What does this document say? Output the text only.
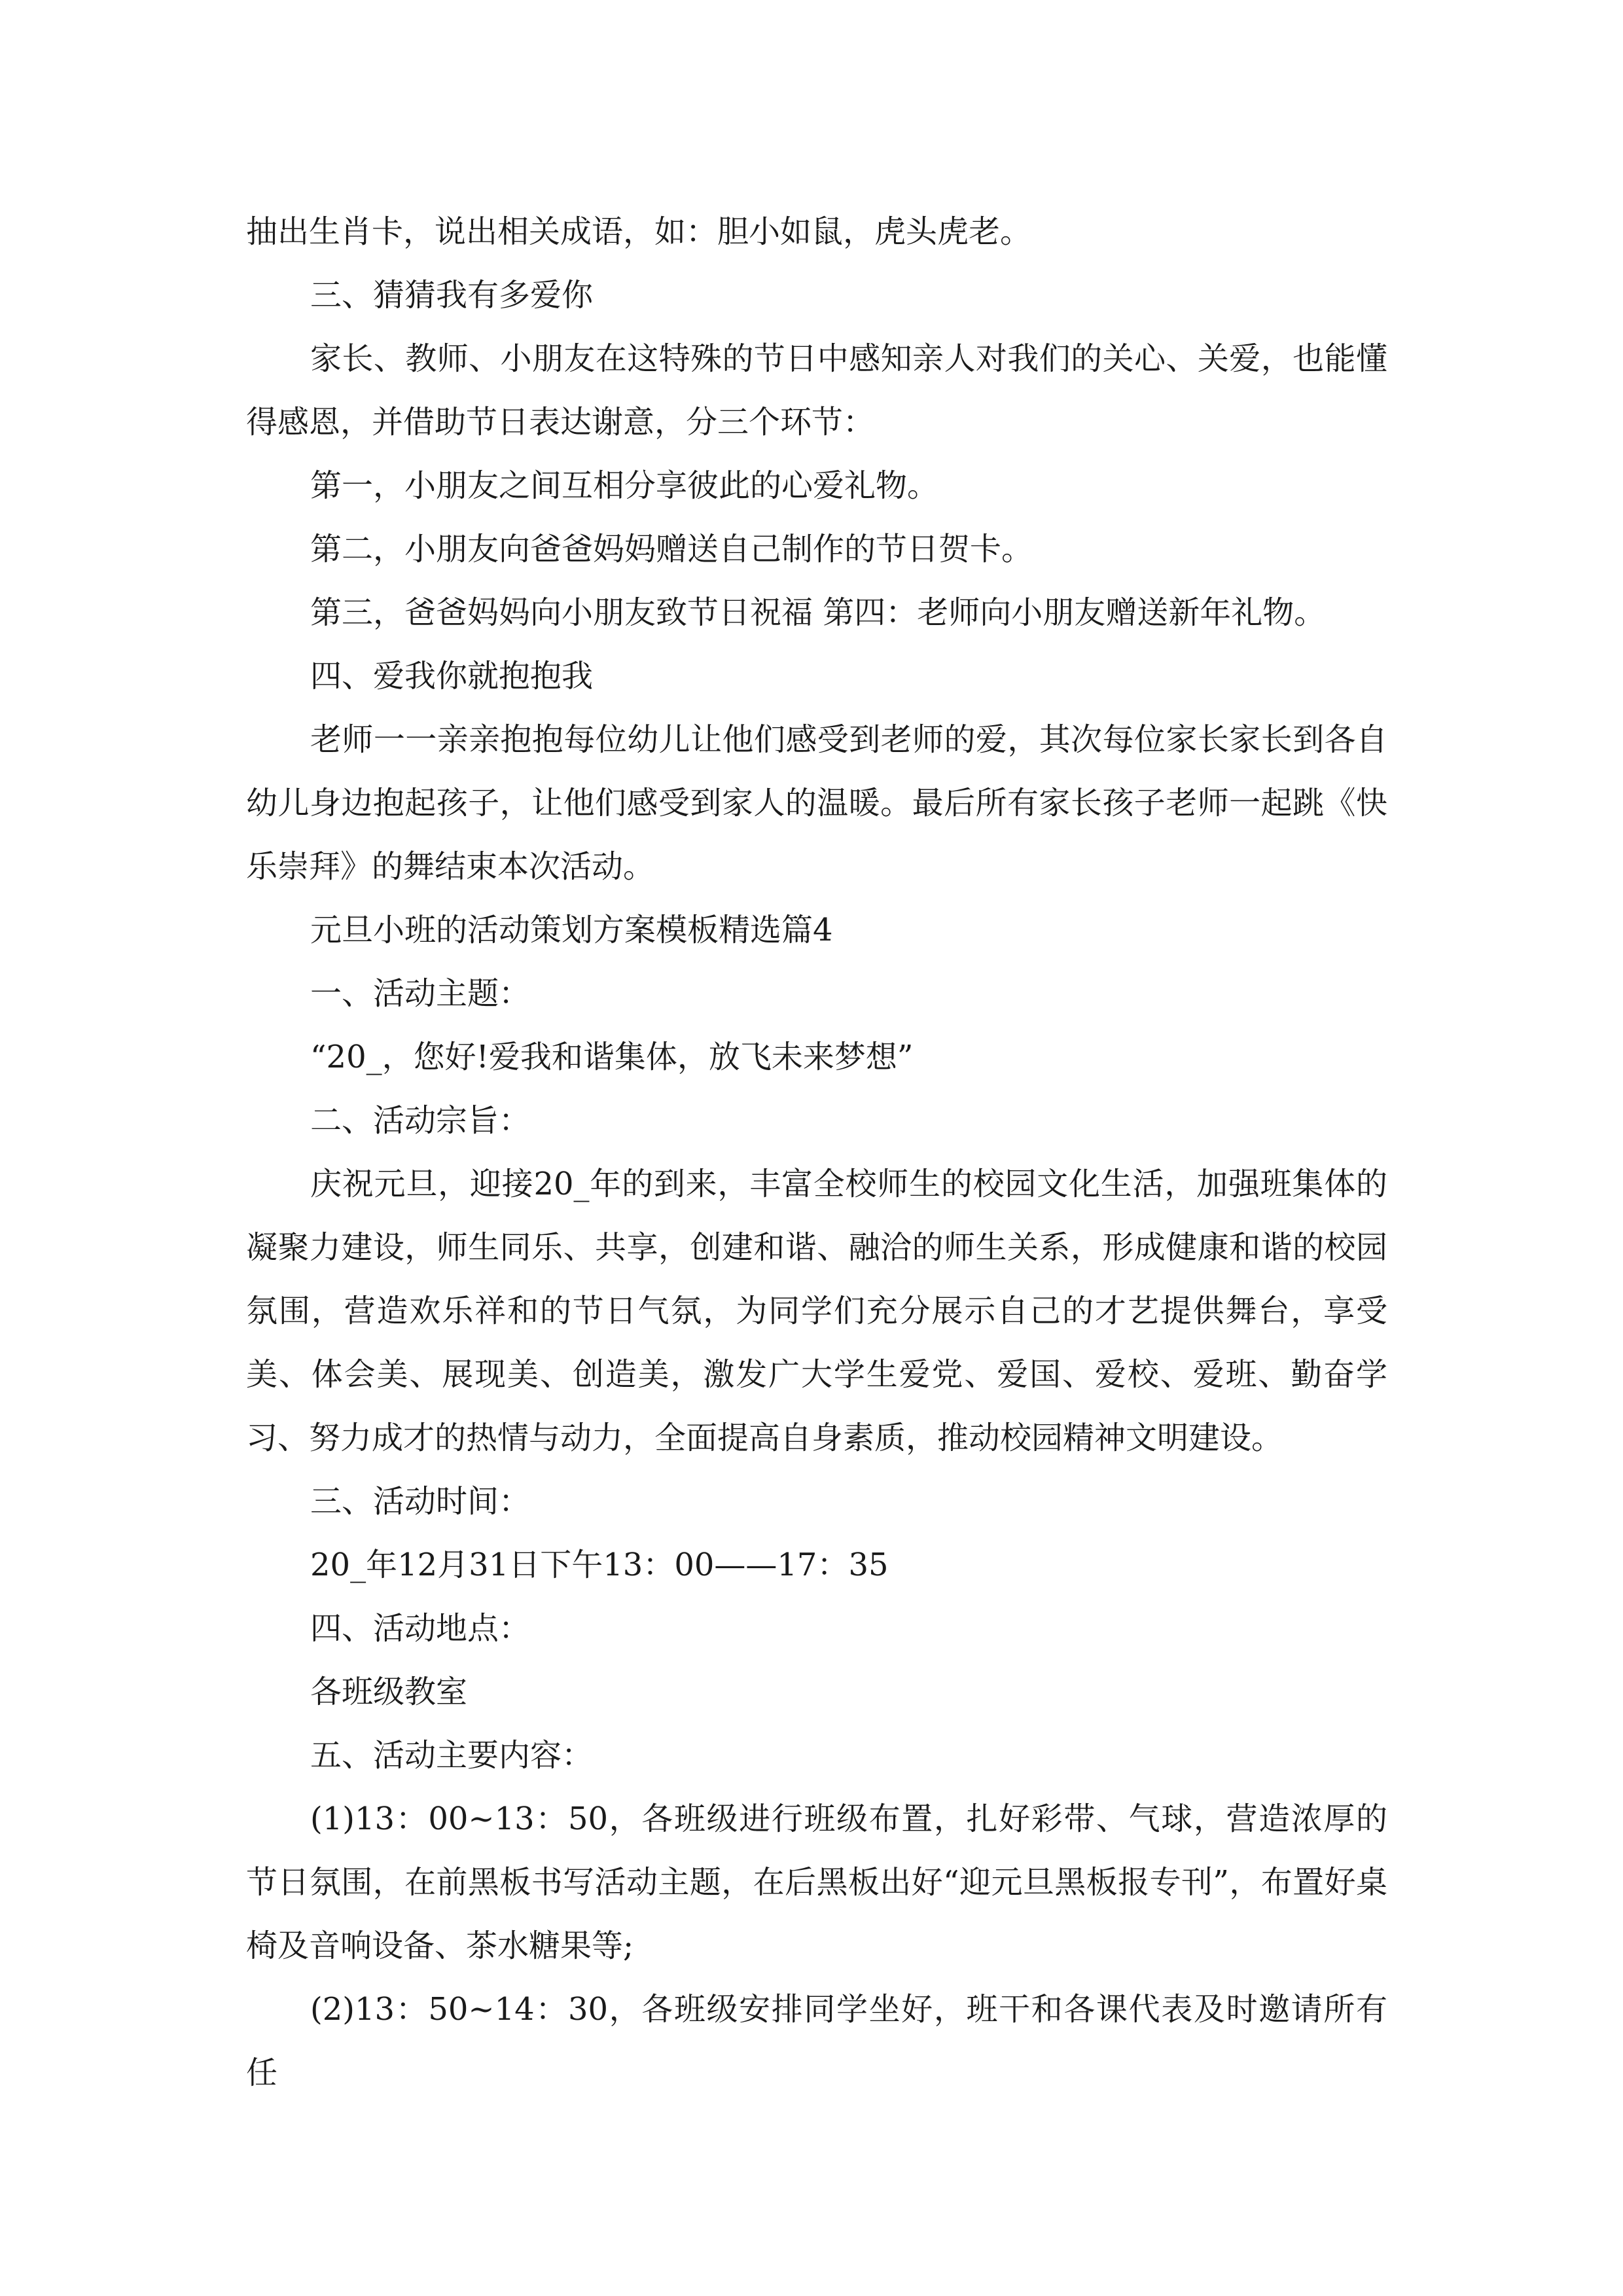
抽出生肖卡，说出相关成语，如：胆小如鼠，虎头虎老。

三、猜猜我有多爱你

家长、教师、小朋友在这特殊的节日中感知亲人对我们的关心、关爱，也能懂得感恩，并借助节日表达谢意，分三个环节：

第一，小朋友之间互相分享彼此的心爱礼物。

第二，小朋友向爸爸妈妈赠送自己制作的节日贺卡。

第三，爸爸妈妈向小朋友致节日祝福 第四：老师向小朋友赠送新年礼物。

四、爱我你就抱抱我

老师一一亲亲抱抱每位幼儿让他们感受到老师的爱，其次每位家长家长到各自幼儿身边抱起孩子，让他们感受到家人的温暖。最后所有家长孩子老师一起跳《快乐崇拜》的舞结束本次活动。

元旦小班的活动策划方案模板精选篇4

一、活动主题：

“20_，您好!爱我和谐集体，放飞未来梦想”

二、活动宗旨：

庆祝元旦，迎接20_年的到来，丰富全校师生的校园文化生活，加强班集体的凝聚力建设，师生同乐、共享，创建和谐、融洽的师生关系，形成健康和谐的校园氛围，营造欢乐祥和的节日气氛，为同学们充分展示自己的才艺提供舞台，享受美、体会美、展现美、创造美，激发广大学生爱党、爱国、爱校、爱班、勤奋学习、努力成才的热情与动力，全面提高自身素质，推动校园精神文明建设。

三、活动时间：

20_年12月31日下午13：00——17：35

四、活动地点：

各班级教室

五、活动主要内容：

(1)13：00~13：50，各班级进行班级布置，扎好彩带、气球，营造浓厚的节日氛围，在前黑板书写活动主题，在后黑板出好“迎元旦黑板报专刊”，布置好桌椅及音响设备、茶水糖果等;

(2)13：50~14：30，各班级安排同学坐好，班干和各课代表及时邀请所有任
